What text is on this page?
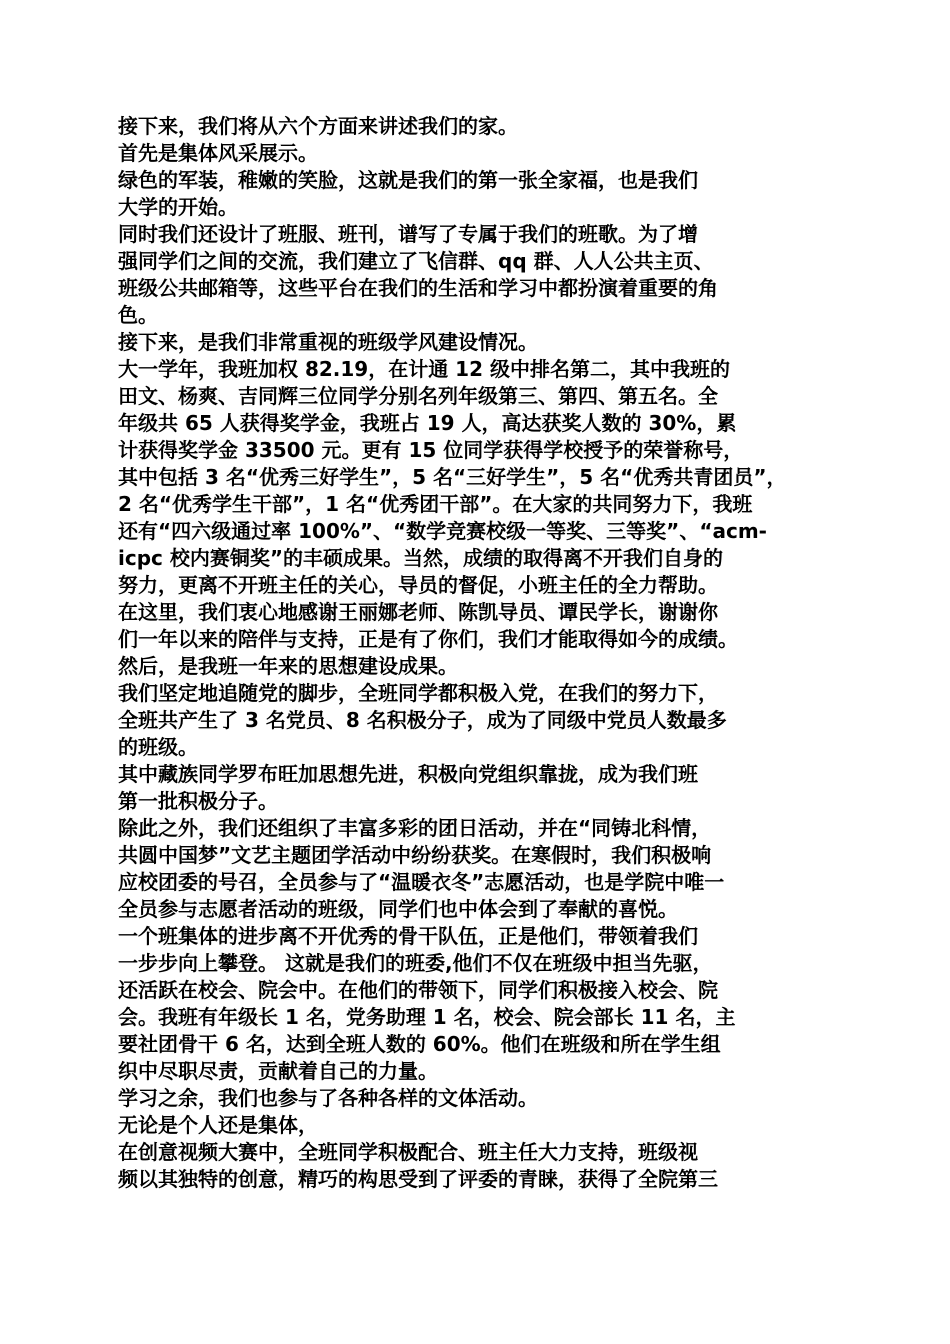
接下来，我们将从六个方面来讲述我们的家。

首先是集体风采展示。

绿色的军装，稚嫩的笑脸，这就是我们的第一张全家福，也是我们
大学的开始。

同时我们还设计了班服、班刊，谱写了专属于我们的班歌。为了增
强同学们之间的交流，我们建立了飞信群、qq 群、人人公共主页、
班级公共邮箱等，这些平台在我们的生活和学习中都扮演着重要的角
色。

接下来，是我们非常重视的班级学风建设情况。

大一学年，我班加权 82.19，在计通 12 级中排名第二，其中我班的
田文、杨爽、吉同辉三位同学分别名列年级第三、第四、第五名。全
年级共 65 人获得奖学金，我班占 19 人，高达获奖人数的 30%，累
计获得奖学金 33500 元。更有 15 位同学获得学校授予的荣誉称号，
其中包括 3 名“优秀三好学生”，5 名“三好学生”，5 名“优秀共青团员”，
2 名“优秀学生干部”，1 名“优秀团干部”。在大家的共同努力下，我班
还有“四六级通过率 100%”、“数学竞赛校级一等奖、三等奖”、“acm-
icpc 校内赛铜奖”的丰硕成果。当然，成绩的取得离不开我们自身的
努力，更离不开班主任的关心，导员的督促，小班主任的全力帮助。
在这里，我们衷心地感谢王丽娜老师、陈凯导员、谭民学长，谢谢你
们一年以来的陪伴与支持，正是有了你们，我们才能取得如今的成绩。

然后，是我班一年来的思想建设成果。

我们坚定地追随党的脚步，全班同学都积极入党，在我们的努力下，
全班共产生了 3 名党员、8 名积极分子，成为了同级中党员人数最多
的班级。

其中藏族同学罗布旺加思想先进，积极向党组织靠拢，成为我们班
第一批积极分子。

除此之外，我们还组织了丰富多彩的团日活动，并在“同铸北科情，
共圆中国梦”文艺主题团学活动中纷纷获奖。在寒假时，我们积极响
应校团委的号召，全员参与了“温暖衣冬”志愿活动，也是学院中唯一
全员参与志愿者活动的班级，同学们也中体会到了奉献的喜悦。

一个班集体的进步离不开优秀的骨干队伍，正是他们，带领着我们
一步步向上攀登。 这就是我们的班委,他们不仅在班级中担当先驱，
还活跃在校会、院会中。在他们的带领下，同学们积极接入校会、院
会。我班有年级长 1 名，党务助理 1 名，校会、院会部长 11 名，主
要社团骨干 6 名，达到全班人数的 60%。他们在班级和所在学生组
织中尽职尽责，贡献着自己的力量。

学习之余，我们也参与了各种各样的文体活动。

无论是个人还是集体，

在创意视频大赛中，全班同学积极配合、班主任大力支持，班级视
频以其独特的创意，精巧的构思受到了评委的青睐，获得了全院第三
